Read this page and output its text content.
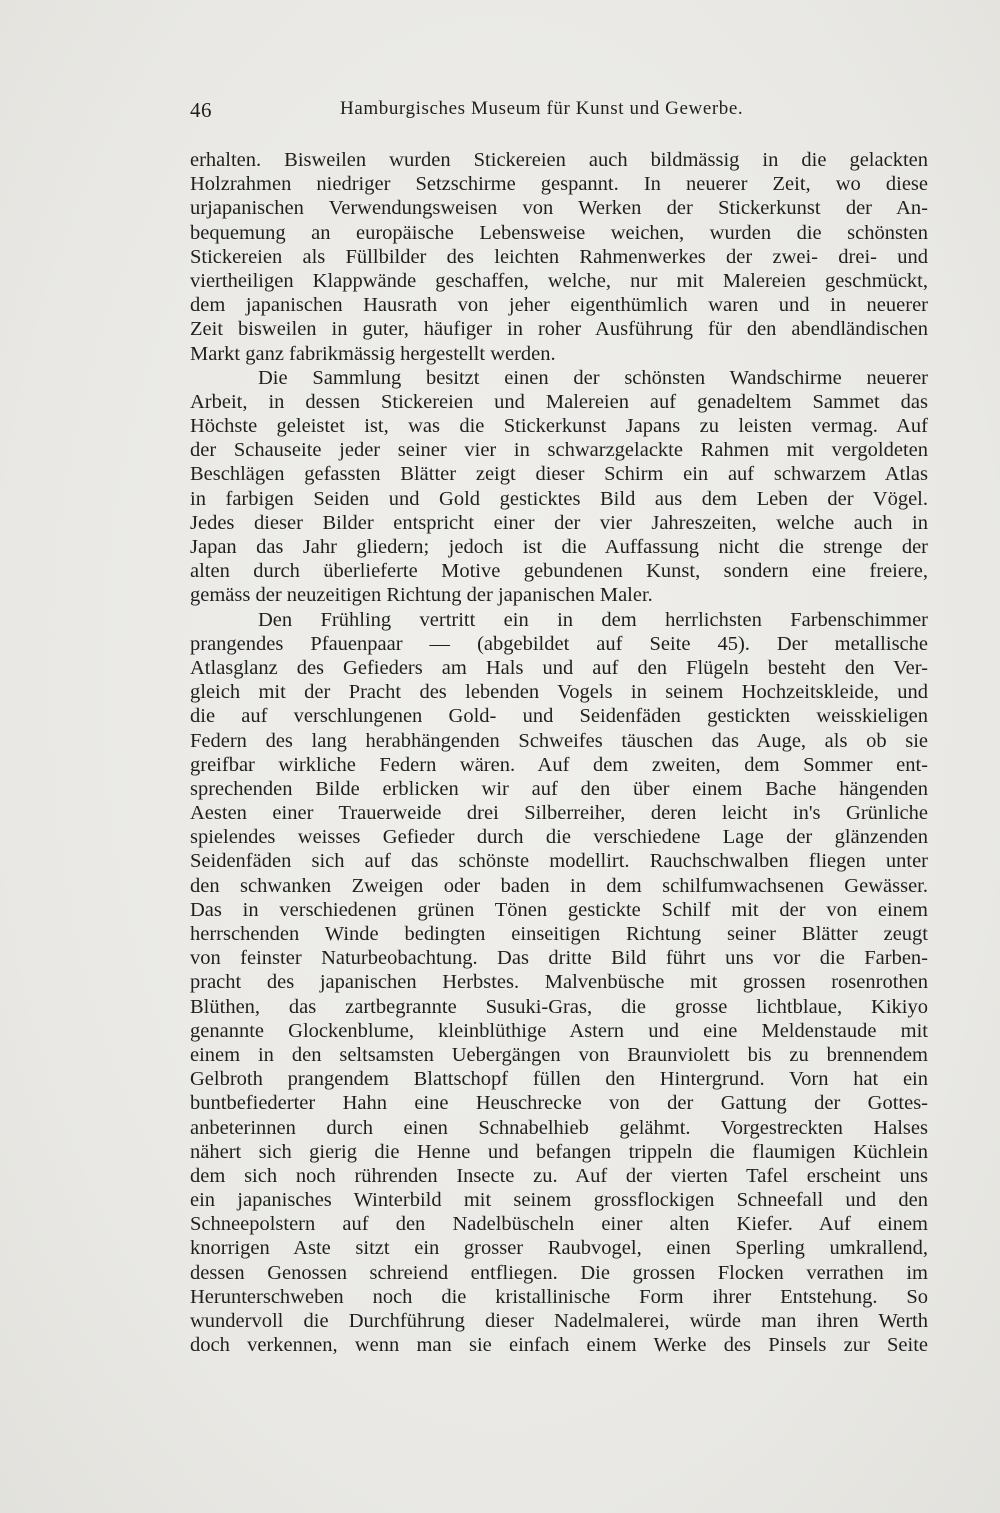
46	Hamburgisches Museum für Kunst und Gewerbe.
erhalten. Bisweilen wurden Stickereien auch bildmässig in die gelackten
Holzrahmen niedriger Setzschirme gespannt. In neuerer Zeit, wo diese
urjapanischen Verwendungsweisen von Werken der Stickerkunst der An-
bequemung an europäische Lebensweise weichen, wurden die schönsten
Stickereien als Füllbilder des leichten Rahmenwerkes der zwei- drei- und
viertheiligen Klappwände geschaffen, welche, nur mit Malereien geschmückt,
dem japanischen Hausrath von jeher eigenthümlich waren und in neuerer
Zeit bisweilen in guter, häufiger in roher Ausführung für den abendländischen
Markt ganz fabrikmässig hergestellt werden.
Die Sammlung besitzt einen der schönsten Wandschirme neuerer
Arbeit, in dessen Stickereien und Malereien auf genadeltem Sammet das
Höchste geleistet ist, was die Stickerkunst Japans zu leisten vermag. Auf
der Schauseite jeder seiner vier in schwarzgelackte Rahmen mit vergoldeten
Beschlägen gefassten Blätter zeigt dieser Schirm ein auf schwarzem Atlas
in farbigen Seiden und Gold gesticktes Bild aus dem Leben der Vögel.
Jedes dieser Bilder entspricht einer der vier Jahreszeiten, welche auch in
Japan das Jahr gliedern; jedoch ist die Auffassung nicht die strenge der
alten durch überlieferte Motive gebundenen Kunst, sondern eine freiere,
gemäss der neuzeitigen Richtung der japanischen Maler.
Den Frühling vertritt ein in dem herrlichsten Farbenschimmer
prangendes Pfauenpaar — (abgebildet auf Seite 45). Der metallische
Atlasglanz des Gefieders am Hals und auf den Flügeln besteht den Ver-
gleich mit der Pracht des lebenden Vogels in seinem Hochzeitskleide, und
die auf verschlungenen Gold- und Seidenfäden gestickten weisskieligen
Federn des lang herabhängenden Schweifes täuschen das Auge, als ob sie
greifbar wirkliche Federn wären. Auf dem zweiten, dem Sommer ent-
sprechenden Bilde erblicken wir auf den über einem Bache hängenden
Aesten einer Trauerweide drei Silberreiher, deren leicht in's Grünliche
spielendes weisses Gefieder durch die verschiedene Lage der glänzenden
Seidenfäden sich auf das schönste modellirt. Rauchschwalben fliegen unter
den schwanken Zweigen oder baden in dem schilfumwachsenen Gewässer.
Das in verschiedenen grünen Tönen gestickte Schilf mit der von einem
herrschenden Winde bedingten einseitigen Richtung seiner Blätter zeugt
von feinster Naturbeobachtung. Das dritte Bild führt uns vor die Farben-
pracht des japanischen Herbstes. Malvenbüsche mit grossen rosenrothen
Blüthen, das zartbegrannte Susuki-Gras, die grosse lichtblaue, Kikiyo
genannte Glockenblume, kleinblüthige Astern und eine Meldenstaude mit
einem in den seltsamsten Uebergängen von Braunviolett bis zu brennendem
Gelbroth prangendem Blattschopf füllen den Hintergrund. Vorn hat ein
buntbefiederter Hahn eine Heuschrecke von der Gattung der Gottes-
anbeterinnen durch einen Schnabelhieb gelähmt. Vorgestreckten Halses
nähert sich gierig die Henne und befangen trippeln die flaumigen Küchlein
dem sich noch rührenden Insecte zu. Auf der vierten Tafel erscheint uns
ein japanisches Winterbild mit seinem grossflockigen Schneefall und den
Schneepolstern auf den Nadelbüscheln einer alten Kiefer. Auf einem
knorrigen Aste sitzt ein grosser Raubvogel, einen Sperling umkrallend,
dessen Genossen schreiend entfliegen. Die grossen Flocken verrathen im
Herunterschweben noch die kristallinische Form ihrer Entstehung. So
wundervoll die Durchführung dieser Nadelmalerei, würde man ihren Werth
doch verkennen, wenn man sie einfach einem Werke des Pinsels zur Seite
